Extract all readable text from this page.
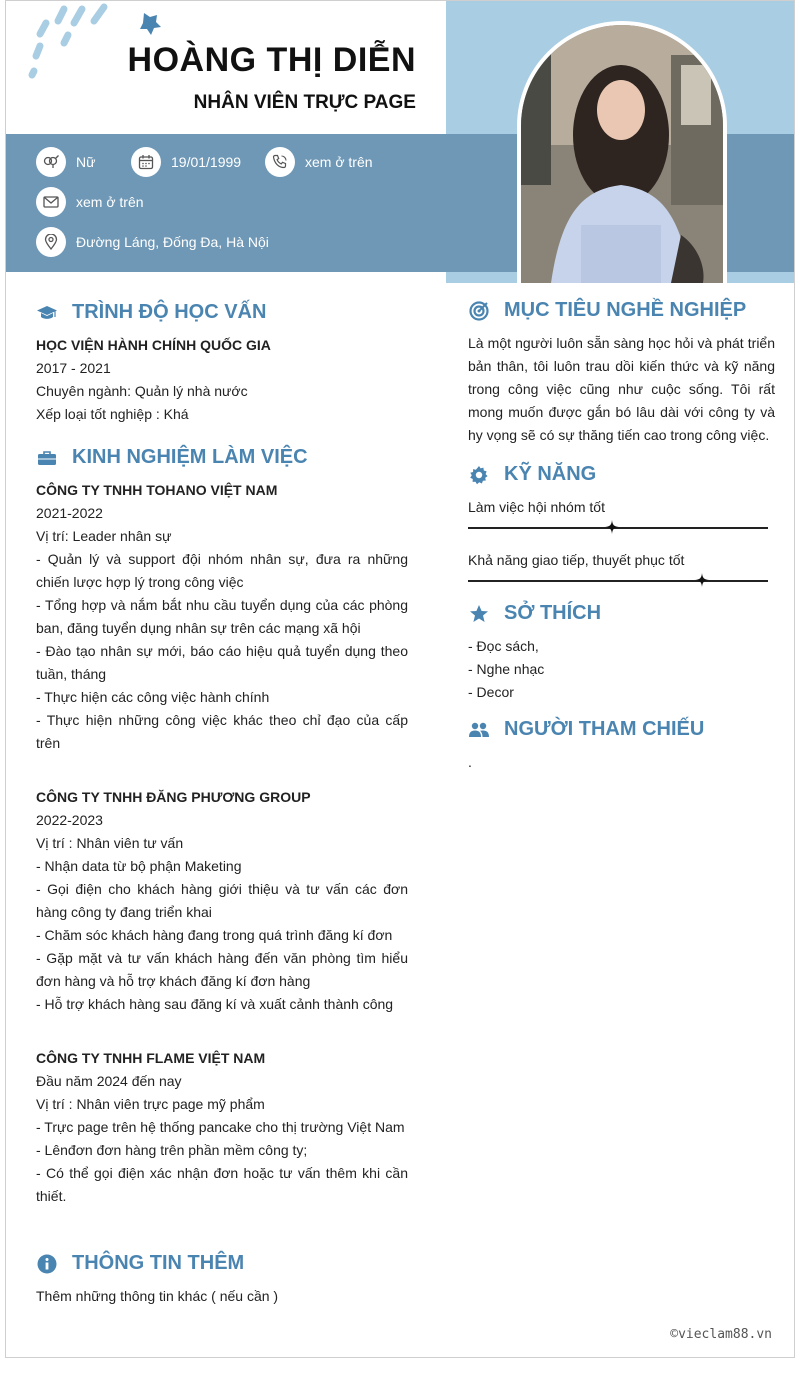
HOÀNG THỊ DIỄN
NHÂN VIÊN TRỰC PAGE
Nữ	19/01/1999	xem ở trên
xem ở trên
Đường Láng, Đống Đa, Hà Nội
TRÌNH ĐỘ HỌC VẤN
HỌC VIỆN HÀNH CHÍNH QUỐC GIA
2017 - 2021
Chuyên ngành: Quản lý nhà nước
Xếp loại tốt nghiệp : Khá
KINH NGHIỆM LÀM VIỆC
CÔNG TY TNHH TOHANO VIỆT NAM
2021-2022
Vị trí: Leader nhân sự
- Quản lý và support đội nhóm nhân sự, đưa ra những chiến lược hợp lý trong công việc
- Tổng hợp và nắm bắt nhu cầu tuyển dụng của các phòng ban, đăng tuyển dụng nhân sự trên các mạng xã hội
- Đào tạo nhân sự mới, báo cáo hiệu quả tuyển dụng theo tuần, tháng
- Thực hiện các công việc hành chính
- Thực hiện những công việc khác theo chỉ đạo của cấp trên
CÔNG TY TNHH ĐĂNG PHƯƠNG GROUP
2022-2023
Vị trí : Nhân viên tư vấn
- Nhận data từ bộ phận Maketing
- Gọi điện cho khách hàng giới thiệu và tư vấn các đơn hàng công ty đang triển khai
- Chăm sóc khách hàng đang trong quá trình đăng kí đơn
- Gặp mặt và tư vấn khách hàng đến văn phòng tìm hiểu đơn hàng và hỗ trợ khách đăng kí đơn hàng
- Hỗ trợ khách hàng sau đăng kí và xuất cảnh thành công
CÔNG TY TNHH FLAME VIỆT NAM
Đầu năm 2024 đến nay
Vị trí : Nhân viên trực page mỹ phẩm
- Trực page trên hệ thống pancake cho thị trường Việt Nam
- Lênđơn đơn hàng trên phần mềm công ty;
- Có thể gọi điện xác nhận đơn hoặc tư vấn thêm khi cần thiết.
THÔNG TIN THÊM
Thêm những thông tin khác ( nếu cần )
MỤC TIÊU NGHỀ NGHIỆP
Là một người luôn sẵn sàng học hỏi và phát triển bản thân, tôi luôn trau dồi kiến thức và kỹ năng trong công việc cũng như cuộc sống. Tôi rất mong muốn được gắn bó lâu dài với công ty và hy vọng sẽ có sự thăng tiến cao trong công việc.
KỸ NĂNG
Làm việc hội nhóm tốt
Khả năng giao tiếp, thuyết phục tốt
SỞ THÍCH
- Đọc sách,
- Nghe nhạc
- Decor
NGƯỜI THAM CHIẾU
.
©vieclam88.vn
